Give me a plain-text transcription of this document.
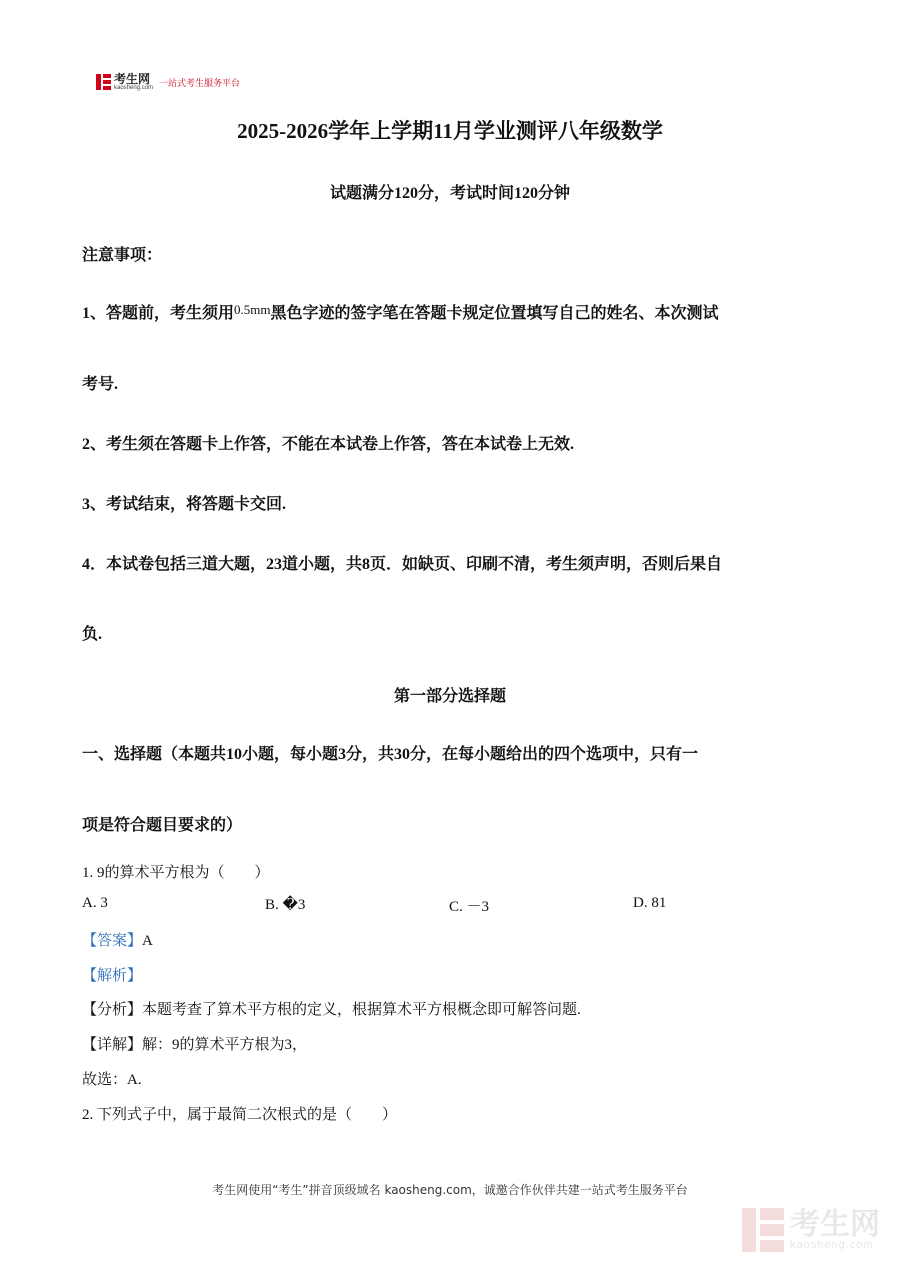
考生网
kaosheng.com 一站式考生服务平台
2025-2026学年上学期11月学业测评八年级数学
试题满分120分，考试时间120分钟
注意事项：
1、答题前，考生须用$^{0.5mm}$黑色字迹的签字笔在答题卡规定位置填写自己的姓名、本次测试
考号.
2、考生须在答题卡上作答，不能在本试卷上作答，答在本试卷上无效.
3、考试结束，将答题卡交回.
4．本试卷包括三道大题，23道小题，共8页．如缺页、印刷不清，考生须声明，否则后果自
负.
第一部分选择题
一、选择题（本题共10小题，每小题3分，共30分，在每小题给出的四个选项中，只有一
项是符合题目要求的）
1. 9的算术平方根为（　　）
A. 3	B. �3	C. －3	D. 81
【答案】A
【解析】
【分析】本题考查了算术平方根的定义，根据算术平方根概念即可解答问题.
【详解】解：9的算术平方根为3，
故选：A.
2. 下列式子中，属于最简二次根式的是（　　）
考生网使用“考生”拼音顶级域名 kaosheng.com，诚邀合作伙伴共建一站式考生服务平台
考生网
kaosheng.com
